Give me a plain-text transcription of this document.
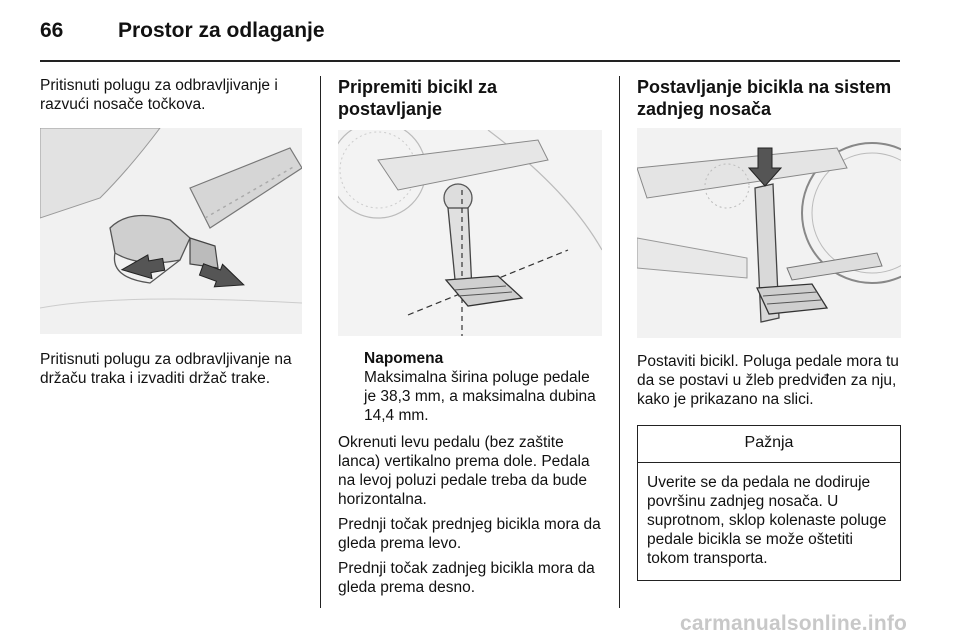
66	Prostor za odlaganje

Pritisnuti polugu za odbravljivanje i razvući nosače točkova.

Pritisnuti polugu za odbravljivanje na držaču traka i izvaditi držač trake.

Pripremiti bicikl za postavljanje

Napomena

Maksimalna širina poluge pedale je 38,3 mm, a maksimalna dubina 14,4 mm.

Okrenuti levu pedalu (bez zaštite lanca) vertikalno prema dole. Pedala na levoj poluzi pedale treba da bude horizontalna.

Prednji točak prednjeg bicikla mora da gleda prema levo.

Prednji točak zadnjeg bicikla mora da gleda prema desno.

Postavljanje bicikla na sistem zadnjeg nosača

Postaviti bicikl. Poluga pedale mora tu da se postavi u žleb predviđen za nju, kako je prikazano na slici.

Pažnja
Uverite se da pedala ne dodiruje površinu zadnjeg nosača. U suprotnom, sklop kolenaste poluge pedale bicikla se može oštetiti tokom transporta.
carmanualsonline.info
